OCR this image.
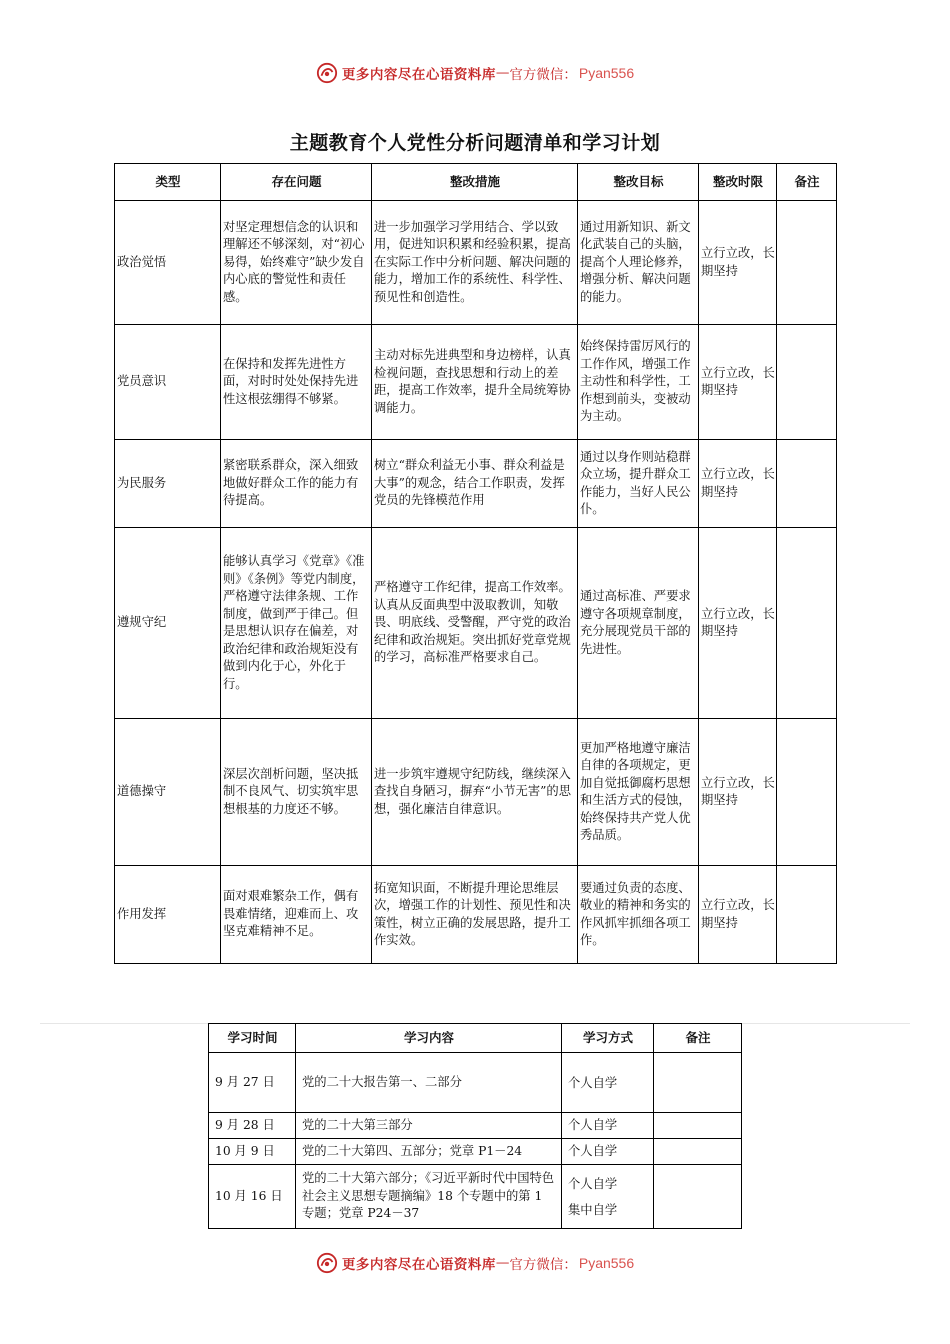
更多内容尽在心语资料库 — 官方微信： Pyan556
主题教育个人党性分析问题清单和学习计划
类型	存在问题	整改措施	整改目标	整改时限	备注
政治觉悟	对坚定理想信念的认识和理解还不够深刻，对“初心易得，始终难守”缺少发自内心底的警觉性和责任感。	进一步加强学习学用结合、学以致用，促进知识积累和经验积累，提高在实际工作中分析问题、解决问题的能力，增加工作的系统性、科学性、预见性和创造性。	通过用新知识、新文化武装自己的头脑，提高个人理论修养，增强分析、解决问题的能力。	立行立改，长期坚持	
党员意识	在保持和发挥先进性方面，对时时处处保持先进性这根弦绷得不够紧。	主动对标先进典型和身边榜样，认真检视问题，查找思想和行动上的差距，提高工作效率，提升全局统筹协调能力。	始终保持雷厉风行的工作作风，增强工作主动性和科学性，工作想到前头，变被动为主动。	立行立改，长期坚持	
为民服务	紧密联系群众，深入细致地做好群众工作的能力有待提高。	树立“群众利益无小事、群众利益是大事”的观念，结合工作职责，发挥党员的先锋模范作用	通过以身作则站稳群众立场，提升群众工作能力，当好人民公仆。	立行立改，长期坚持	
遵规守纪	能够认真学习《党章》《准则》《条例》等党内制度，严格遵守法律条规、工作制度，做到严于律己。但是思想认识存在偏差，对政治纪律和政治规矩没有做到内化于心，外化于行。	严格遵守工作纪律，提高工作效率。认真从反面典型中汲取教训，知敬畏、明底线、受警醒，严守党的政治纪律和政治规矩。突出抓好党章党规的学习，高标准严格要求自己。	通过高标准、严要求遵守各项规章制度，充分展现党员干部的先进性。	立行立改，长期坚持	
道德操守	深层次剖析问题，坚决抵制不良风气、切实筑牢思想根基的力度还不够。	进一步筑牢遵规守纪防线，继续深入查找自身陋习，摒弃“小节无害”的思想，强化廉洁自律意识。	更加严格地遵守廉洁自律的各项规定，更加自觉抵御腐朽思想和生活方式的侵蚀，始终保持共产党人优秀品质。	立行立改，长期坚持	
作用发挥	面对艰难繁杂工作，偶有畏难情绪，迎难而上、攻坚克难精神不足。	拓宽知识面，不断提升理论思维层次，增强工作的计划性、预见性和决策性，树立正确的发展思路，提升工作实效。	要通过负责的态度、敬业的精神和务实的作风抓牢抓细各项工作。	立行立改，长期坚持	
学习时间	学习内容	学习方式	备注
9 月 27 日	党的二十大报告第一、二部分	个人自学	

9 月 28 日	党的二十大第三部分	个人自学	
10 月 9 日	党的二十大第四、五部分；党章 P1－24	个人自学	
10 月 16 日	党的二十大第六部分；《习近平新时代中国特色社会主义思想专题摘编》18 个专题中的第 1 专题；党章 P24－37	个人自学
集中自学	

更多内容尽在心语资料库 — 官方微信： Pyan556
